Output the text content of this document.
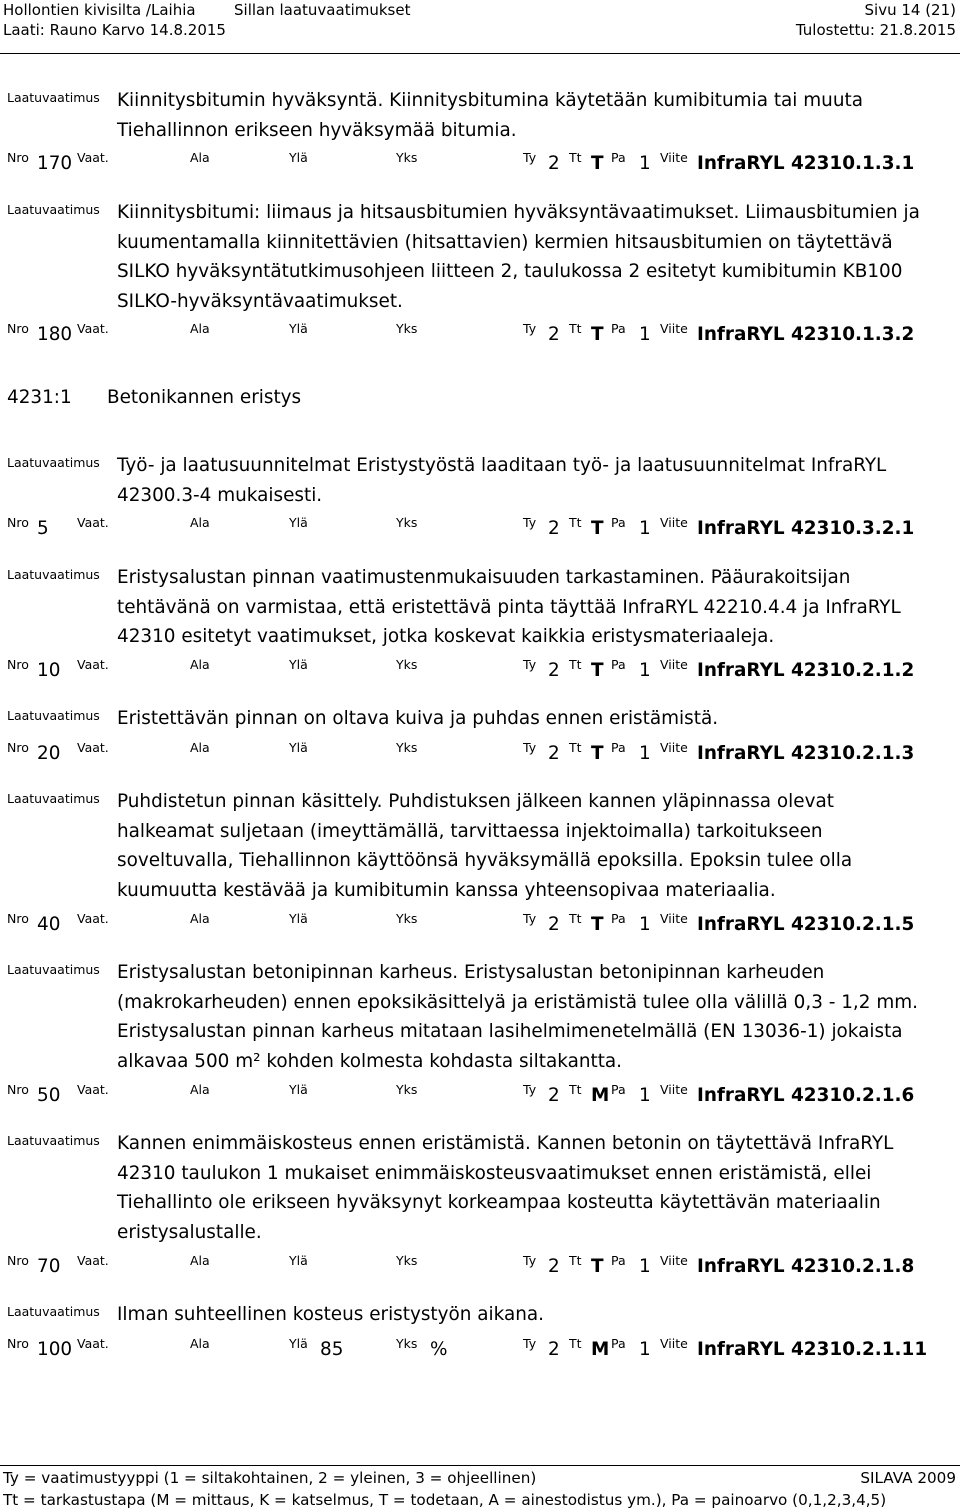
Hollontien kivisilta /Laihia	Sillan laatuvaatimukset	Sivu 14 (21)
Laati: Rauno Karvo 14.8.2015	Tulostettu: 21.8.2015
Laatuvaatimus Kiinnitysbitumin hyväksyntä. Kiinnitysbitumina käytetään kumibitumia tai muuta
Tiehallinnon erikseen hyväksymää bitumia.
Nro 170 Vaat.	Ala	Ylä	Yks	Ty 2 Tt T Pa 1 Viite InfraRYL 42310.1.3.1
Laatuvaatimus Kiinnitysbitumi: liimaus ja hitsausbitumien hyväksyntävaatimukset. Liimausbitumien ja
kuumentamalla kiinnitettävien (hitsattavien) kermien hitsausbitumien on täytettävä
SILKO hyväksyntätutkimusohjeen liitteen 2, taulukossa 2 esitetyt kumibitumin KB100
SILKO-hyväksyntävaatimukset.
Nro 180 Vaat.	Ala	Ylä	Yks	Ty 2 Tt T Pa 1 Viite InfraRYL 42310.1.3.2
4231:1 Betonikannen eristys
Laatuvaatimus Työ- ja laatusuunnitelmat Eristystyöstä laaditaan työ- ja laatusuunnitelmat InfraRYL
42300.3-4 mukaisesti.
Nro 5 Vaat.	Ala	Ylä	Yks	Ty 2 Tt T Pa 1 Viite InfraRYL 42310.3.2.1
Laatuvaatimus Eristysalustan pinnan vaatimustenmukaisuuden tarkastaminen. Pääurakoitsijan
tehtävänä on varmistaa, että eristettävä pinta täyttää InfraRYL 42210.4.4 ja InfraRYL
42310 esitetyt vaatimukset, jotka koskevat kaikkia eristysmateriaaleja.
Nro 10 Vaat.	Ala	Ylä	Yks	Ty 2 Tt T Pa 1 Viite InfraRYL 42310.2.1.2
Laatuvaatimus Eristettävän pinnan on oltava kuiva ja puhdas ennen eristämistä.
Nro 20 Vaat.	Ala	Ylä	Yks	Ty 2 Tt T Pa 1 Viite InfraRYL 42310.2.1.3
Laatuvaatimus Puhdistetun pinnan käsittely. Puhdistuksen jälkeen kannen yläpinnassa olevat
halkeamat suljetaan (imeyttämällä, tarvittaessa injektoimalla) tarkoitukseen
soveltuvalla, Tiehallinnon käyttöönsä hyväksymällä epoksilla. Epoksin tulee olla
kuumuutta kestävää ja kumibitumin kanssa yhteensopivaa materiaalia.
Nro 40 Vaat.	Ala	Ylä	Yks	Ty 2 Tt T Pa 1 Viite InfraRYL 42310.2.1.5
Laatuvaatimus Eristysalustan betonipinnan karheus. Eristysalustan betonipinnan karheuden
(makrokarheuden) ennen epoksikäsittelyä ja eristämistä tulee olla välillä 0,3 - 1,2 mm.
Eristysalustan pinnan karheus mitataan lasihelmimenetelmällä (EN 13036-1) jokaista
alkavaa 500 m² kohden kolmesta kohdasta siltakantta.
Nro 50 Vaat.	Ala	Ylä	Yks	Ty 2 Tt M Pa 1 Viite InfraRYL 42310.2.1.6
Laatuvaatimus Kannen enimmäiskosteus ennen eristämistä. Kannen betonin on täytettävä InfraRYL
42310 taulukon 1 mukaiset enimmäiskosteusvaatimukset ennen eristämistä, ellei
Tiehallinto ole erikseen hyväksynyt korkeampaa kosteutta käytettävän materiaalin
eristysalustalle.
Nro 70 Vaat.	Ala	Ylä	Yks	Ty 2 Tt T Pa 1 Viite InfraRYL 42310.2.1.8
Laatuvaatimus Ilman suhteellinen kosteus eristystyön aikana.
Nro 100 Vaat.	Ala	Ylä 85	Yks %	Ty 2 Tt M Pa 1 Viite InfraRYL 42310.2.1.11
Ty = vaatimustyyppi (1 = siltakohtainen, 2 = yleinen, 3 = ohjeellinen)	SILAVA 2009
Tt = tarkastustapa (M = mittaus, K = katselmus, T = todetaan, A = ainestodistus ym.), Pa = painoarvo (0,1,2,3,4,5)
